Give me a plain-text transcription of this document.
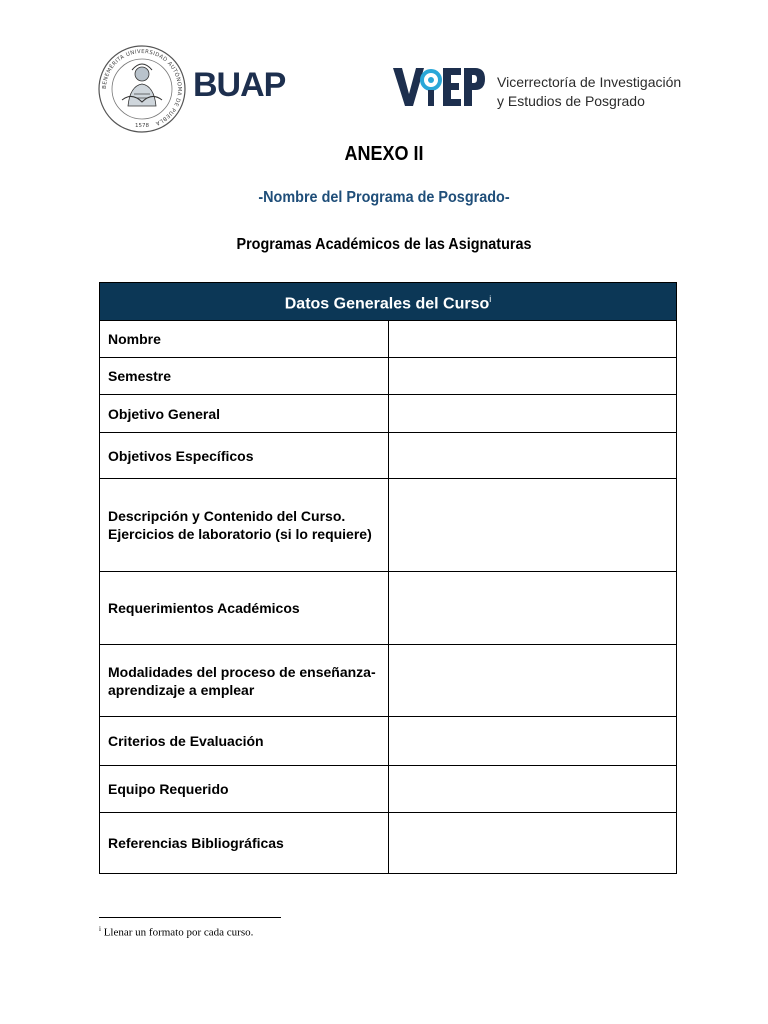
BENEMÉRITA UNIVERSIDAD AUTÓNOMA DE PUEBLA
1578
BUAP	Vicerrectoría de Investigación
y Estudios de Posgrado
ANEXO II
-Nombre del Programa de Posgrado-
Programas Académicos de las Asignaturas
Datos Generales del Curso$^i$
Nombre	
Semestre	
Objetivo General	
Objetivos Específicos	
Descripción y Contenido del Curso. Ejercicios de laboratorio (si lo requiere)	
Requerimientos Académicos	
Modalidades del proceso de enseñanza-aprendizaje a emplear	
Criterios de Evaluación	
Equipo Requerido	
Referencias Bibliográficas	
$^i$ Llenar un formato por cada curso.
